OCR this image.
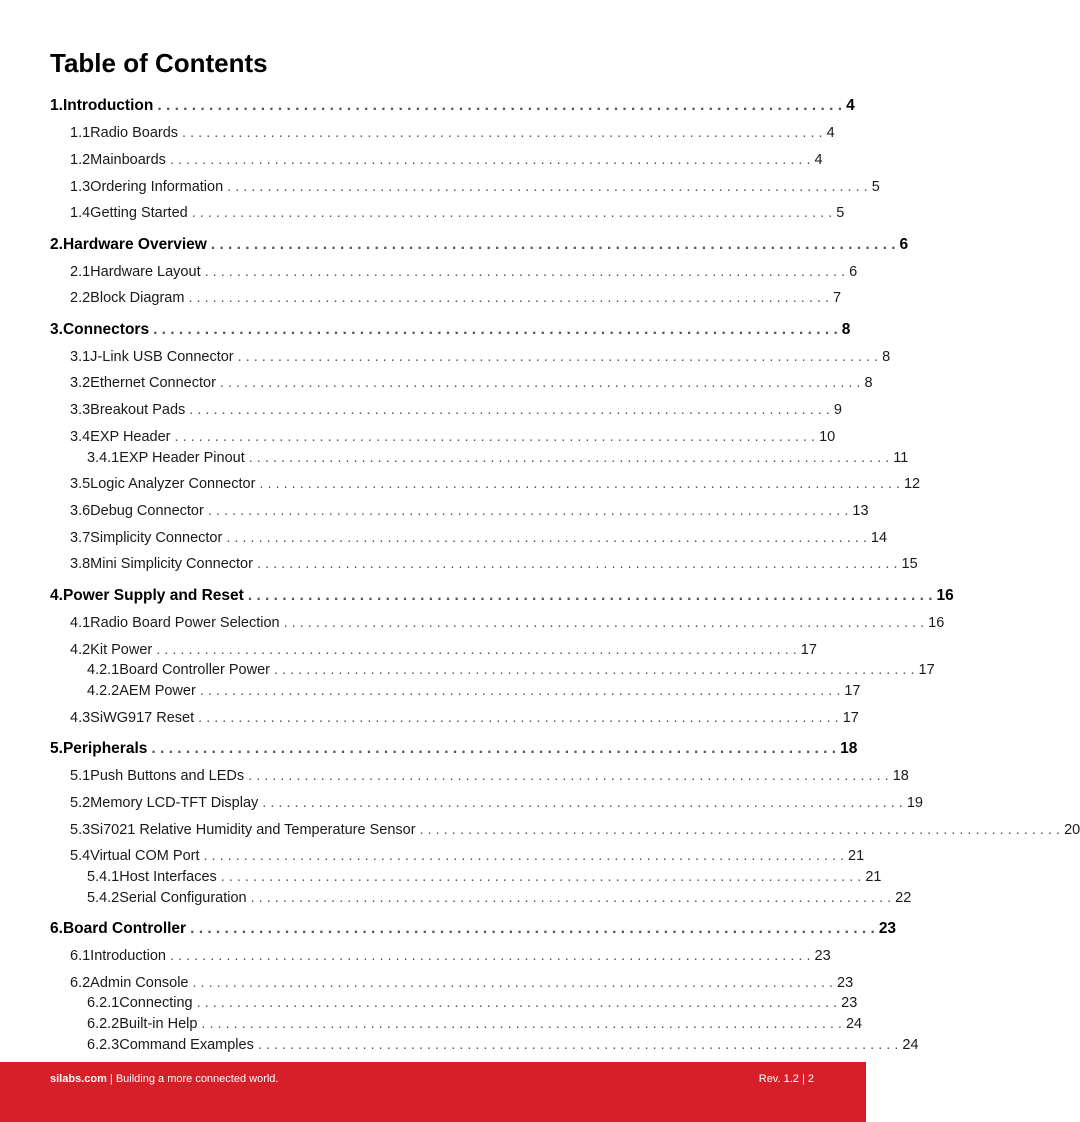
Table of Contents
1. Introduction . . . . . . . . . . . . . . . . . . . . . . . . . . . . . . . . . . . . . . . . . . . . . . . . . . . . . . . . . . . . . . . . . . . . . . . . . . . . . . . . 4
1.1 Radio Boards . . . . . . . . . . . . . . . . . . . . . . . . . . . . . . . . . . . . . . . . . . . . . . . . . . . . . . . . . . . . . . . . . . . . . . . . . . . . . . . . 4
1.2 Mainboards . . . . . . . . . . . . . . . . . . . . . . . . . . . . . . . . . . . . . . . . . . . . . . . . . . . . . . . . . . . . . . . . . . . . . . . . . . . . . . . . 4
1.3 Ordering Information . . . . . . . . . . . . . . . . . . . . . . . . . . . . . . . . . . . . . . . . . . . . . . . . . . . . . . . . . . . . . . . . . . . . . . . . . . . . . . . . 5
1.4 Getting Started . . . . . . . . . . . . . . . . . . . . . . . . . . . . . . . . . . . . . . . . . . . . . . . . . . . . . . . . . . . . . . . . . . . . . . . . . . . . . . . . 5
2. Hardware Overview . . . . . . . . . . . . . . . . . . . . . . . . . . . . . . . . . . . . . . . . . . . . . . . . . . . . . . . . . . . . . . . . . . . . . . . . . . . . . . . . 6
2.1 Hardware Layout . . . . . . . . . . . . . . . . . . . . . . . . . . . . . . . . . . . . . . . . . . . . . . . . . . . . . . . . . . . . . . . . . . . . . . . . . . . . . . . . 6
2.2 Block Diagram . . . . . . . . . . . . . . . . . . . . . . . . . . . . . . . . . . . . . . . . . . . . . . . . . . . . . . . . . . . . . . . . . . . . . . . . . . . . . . . . 7
3. Connectors . . . . . . . . . . . . . . . . . . . . . . . . . . . . . . . . . . . . . . . . . . . . . . . . . . . . . . . . . . . . . . . . . . . . . . . . . . . . . . . . 8
3.1 J-Link USB Connector . . . . . . . . . . . . . . . . . . . . . . . . . . . . . . . . . . . . . . . . . . . . . . . . . . . . . . . . . . . . . . . . . . . . . . . . . . . . . . . . 8
3.2 Ethernet Connector . . . . . . . . . . . . . . . . . . . . . . . . . . . . . . . . . . . . . . . . . . . . . . . . . . . . . . . . . . . . . . . . . . . . . . . . . . . . . . . . 8
3.3 Breakout Pads . . . . . . . . . . . . . . . . . . . . . . . . . . . . . . . . . . . . . . . . . . . . . . . . . . . . . . . . . . . . . . . . . . . . . . . . . . . . . . . . 9
3.4 EXP Header . . . . . . . . . . . . . . . . . . . . . . . . . . . . . . . . . . . . . . . . . . . . . . . . . . . . . . . . . . . . . . . . . . . . . . . . . . . . . . . . 10
3.4.1 EXP Header Pinout . . . . . . . . . . . . . . . . . . . . . . . . . . . . . . . . . . . . . . . . . . . . . . . . . . . . . . . . . . . . . . . . . . . . . . . . . . . . . . . . 11
3.5 Logic Analyzer Connector . . . . . . . . . . . . . . . . . . . . . . . . . . . . . . . . . . . . . . . . . . . . . . . . . . . . . . . . . . . . . . . . . . . . . . . . . . . . . . . . 12
3.6 Debug Connector . . . . . . . . . . . . . . . . . . . . . . . . . . . . . . . . . . . . . . . . . . . . . . . . . . . . . . . . . . . . . . . . . . . . . . . . . . . . . . . . 13
3.7 Simplicity Connector . . . . . . . . . . . . . . . . . . . . . . . . . . . . . . . . . . . . . . . . . . . . . . . . . . . . . . . . . . . . . . . . . . . . . . . . . . . . . . . . 14
3.8 Mini Simplicity Connector . . . . . . . . . . . . . . . . . . . . . . . . . . . . . . . . . . . . . . . . . . . . . . . . . . . . . . . . . . . . . . . . . . . . . . . . . . . . . . . . 15
4. Power Supply and Reset . . . . . . . . . . . . . . . . . . . . . . . . . . . . . . . . . . . . . . . . . . . . . . . . . . . . . . . . . . . . . . . . . . . . . . . . . . . . . . . . 16
4.1 Radio Board Power Selection . . . . . . . . . . . . . . . . . . . . . . . . . . . . . . . . . . . . . . . . . . . . . . . . . . . . . . . . . . . . . . . . . . . . . . . . . . . . . . . . 16
4.2 Kit Power . . . . . . . . . . . . . . . . . . . . . . . . . . . . . . . . . . . . . . . . . . . . . . . . . . . . . . . . . . . . . . . . . . . . . . . . . . . . . . . . 17
4.2.1 Board Controller Power . . . . . . . . . . . . . . . . . . . . . . . . . . . . . . . . . . . . . . . . . . . . . . . . . . . . . . . . . . . . . . . . . . . . . . . . . . . . . . . . 17
4.2.2 AEM Power . . . . . . . . . . . . . . . . . . . . . . . . . . . . . . . . . . . . . . . . . . . . . . . . . . . . . . . . . . . . . . . . . . . . . . . . . . . . . . . . 17
4.3 SiWG917 Reset . . . . . . . . . . . . . . . . . . . . . . . . . . . . . . . . . . . . . . . . . . . . . . . . . . . . . . . . . . . . . . . . . . . . . . . . . . . . . . . . 17
5. Peripherals . . . . . . . . . . . . . . . . . . . . . . . . . . . . . . . . . . . . . . . . . . . . . . . . . . . . . . . . . . . . . . . . . . . . . . . . . . . . . . . . 18
5.1 Push Buttons and LEDs . . . . . . . . . . . . . . . . . . . . . . . . . . . . . . . . . . . . . . . . . . . . . . . . . . . . . . . . . . . . . . . . . . . . . . . . . . . . . . . . 18
5.2 Memory LCD-TFT Display . . . . . . . . . . . . . . . . . . . . . . . . . . . . . . . . . . . . . . . . . . . . . . . . . . . . . . . . . . . . . . . . . . . . . . . . . . . . . . . . 19
5.3 Si7021 Relative Humidity and Temperature Sensor . . . . . . . . . . . . . . . . . . . . . . . . . . . . . . . . . . . . . . . . . . . . . . . . . . . . . . . . . . . . . . . . . . . . . . . . . . . . . . . . 20
5.4 Virtual COM Port . . . . . . . . . . . . . . . . . . . . . . . . . . . . . . . . . . . . . . . . . . . . . . . . . . . . . . . . . . . . . . . . . . . . . . . . . . . . . . . . 21
5.4.1 Host Interfaces . . . . . . . . . . . . . . . . . . . . . . . . . . . . . . . . . . . . . . . . . . . . . . . . . . . . . . . . . . . . . . . . . . . . . . . . . . . . . . . . 21
5.4.2 Serial Configuration . . . . . . . . . . . . . . . . . . . . . . . . . . . . . . . . . . . . . . . . . . . . . . . . . . . . . . . . . . . . . . . . . . . . . . . . . . . . . . . . 22
6. Board Controller . . . . . . . . . . . . . . . . . . . . . . . . . . . . . . . . . . . . . . . . . . . . . . . . . . . . . . . . . . . . . . . . . . . . . . . . . . . . . . . . 23
6.1 Introduction . . . . . . . . . . . . . . . . . . . . . . . . . . . . . . . . . . . . . . . . . . . . . . . . . . . . . . . . . . . . . . . . . . . . . . . . . . . . . . . . 23
6.2 Admin Console . . . . . . . . . . . . . . . . . . . . . . . . . . . . . . . . . . . . . . . . . . . . . . . . . . . . . . . . . . . . . . . . . . . . . . . . . . . . . . . . 23
6.2.1 Connecting . . . . . . . . . . . . . . . . . . . . . . . . . . . . . . . . . . . . . . . . . . . . . . . . . . . . . . . . . . . . . . . . . . . . . . . . . . . . . . . . 23
6.2.2 Built-in Help . . . . . . . . . . . . . . . . . . . . . . . . . . . . . . . . . . . . . . . . . . . . . . . . . . . . . . . . . . . . . . . . . . . . . . . . . . . . . . . . 24
6.2.3 Command Examples . . . . . . . . . . . . . . . . . . . . . . . . . . . . . . . . . . . . . . . . . . . . . . . . . . . . . . . . . . . . . . . . . . . . . . . . . . . . . . . . 24
silabs.com | Building a more connected world.	Rev. 1.2 | 2
